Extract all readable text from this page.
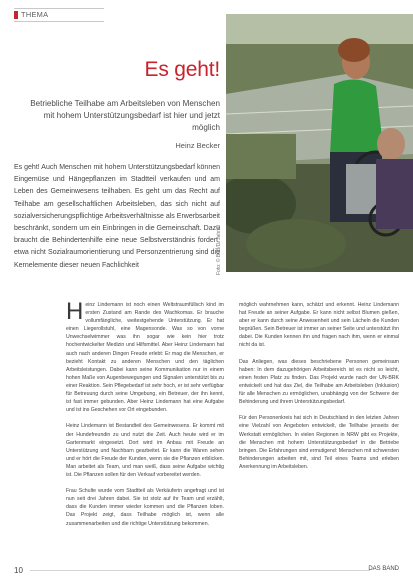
THEMA
Es geht!

Betriebliche Teilhabe am Arbeitsleben von Menschen mit hohem Unterstützungsbedarf ist hier und jetzt möglich

Heinz Becker

Es geht! Auch Menschen mit hohem Unterstützungsbedarf können Eingemüse und Hängepflanzen im Stadtteil verkaufen und am Leben des Gemeinwesens teilhaben. Es geht um das Recht auf Teilhabe am gesellschaftlichen Arbeitsleben, das sich nicht auf sozialversicherungspflichtige Arbeitsverhältnisse als Erwerbsarbeit beschränkt, sondern um ein Einbringen in die Gemeinschaft. Dazu braucht die Behindertenhilfe eine neue Selbstverständnis fordert, etwa nicht Sozialraumorientierung und Personzentrierung sind die Kernelemente dieser neuen Fachlichkeit	Foto: © BeB/D. Jahnel

H einz Lindemann ist noch einen Weltstraumfüllsch kind im ersten Zustand am Rande des Wachkomas. Er brauche vollumfängliche, weitestgehende Unterstützung. Er hat einen Liegerollstuhl, eine Magensonde. Was so von vorne Unwechselwimmer was ihn sogar wie kein hier trotz hochentwickelter Medizin und Hilfsmittel. Aber Heinz Lindemann hat auch nach anderen Dingen Freude erlebt: Er mag die Menschen, er bezieht Kontakt zu anderen Menschen und den täglichen Arbeitsleistungen. Dabei kann seine Kommunikation nur in einem hohen Maße von Augenbewegungen und Signalen unterstützt bis zu einer Reaktion. Sein Pflegebedarf ist sehr hoch, er ist sehr verfügbar für Betreuung durch seine Umgebung, ein Betreuer, der ihn kennt, ist fast immer gebunden. Aber Heinz Lindemann hat eine Aufgabe und ist ins Geschehen vor Ort eingebunden.

Heinz Lindemann ist Bestandteil des Gemeinwesens. Er kommt mit der Hundefreundin zu und nutzt die Zeit. Auch heute wird er im Gartenmarkt eingesetzt. Dort wird im Anbau mit Freude an Unterstützung und Nachbarn gearbeitet. Er kann die Waren sehen und er hört die Freude der Kunden, wenn sie die Pflanzen erblicken. Man arbeitet als Team, und man weiß, dass seine Aufgabe wichtig ist. Die Pflanzen sollen für den Verkauf vorbereitet werden.

Frau Schulte wurde vom Stadtteil als Verkäuferin angefragt und ist nun seit drei Jahren dabei. Sie ist stolz auf ihr Team und erzählt, dass die Kunden immer wieder kommen und die Pflanzen loben. Das Projekt zeigt, dass Teilhabe möglich ist, wenn alle zusammenarbeiten und die richtige Unterstützung bekommen.

möglich wahrnehmen kann, schätzt und erkennt. Heinz Lindemann hat Freude an seiner Aufgabe. Er kann nicht selbst Blumen gießen, aber er kann durch seine Anwesenheit und sein Lächeln die Kunden begrüßen. Sein Betreuer ist immer an seiner Seite und unterstützt ihn dabei. Die Kunden kennen ihn und fragen nach ihm, wenn er einmal nicht da ist.

Das Anliegen, was dieses beschriebene Personen gemeinsam haben: In dem dazugehörigen Arbeitsbereich ist es nicht so leicht, einen festen Platz zu finden. Das Projekt wurde nach der UN-BRK entwickelt und hat das Ziel, die Teilhabe am Arbeitsleben (Inklusion) für alle Menschen zu ermöglichen, unabhängig von der Schwere der Behinderung und ihrem Unterstützungsbedarf.

Für den Personenkreis hat sich in Deutschland in den letzten Jahren eine Vielzahl von Angeboten entwickelt, die Teilhabe jenseits der Werkstatt ermöglichen. In vielen Regionen in NRW gibt es Projekte, die Menschen mit hohem Unterstützungsbedarf in die Betriebe bringen. Die Erfahrungen sind ermutigend: Menschen mit schwersten Behinderungen arbeiten mit, sind Teil eines Teams und erleben Anerkennung im Arbeitsleben.

10	DAS BAND
